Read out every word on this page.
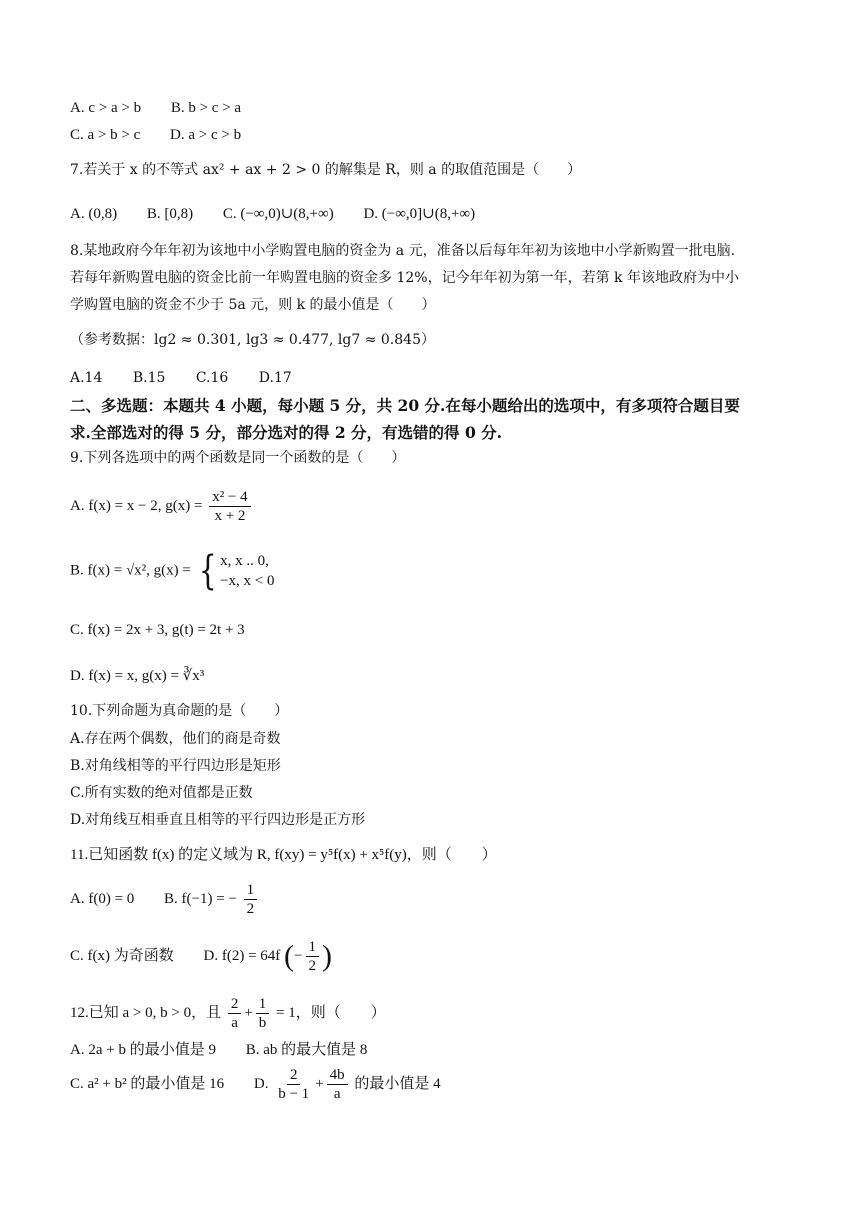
A. c > a > b B. b > c > a
C. a > b > c D. a > c > b
7.若关于 x 的不等式 ax² + ax + 2 > 0 的解集是 R，则 a 的取值范围是（　　）
A. (0,8) B. [0,8) C. (−∞,0)∪(8,+∞) D. (−∞,0]∪(8,+∞)
8.某地政府今年年初为该地中小学购置电脑的资金为 a 元，准备以后每年年初为该地中小学新购置一批电脑.
若每年新购置电脑的资金比前一年购置电脑的资金多 12%，记今年年初为第一年，若第 k 年该地政府为中小
学购置电脑的资金不少于 5a 元，则 k 的最小值是（　　）
（参考数据：lg2 ≈ 0.301, lg3 ≈ 0.477, lg7 ≈ 0.845）
A.14 B.15 C.16 D.17
二、多选题：本题共 4 小题，每小题 5 分，共 20 分.在每小题给出的选项中，有多项符合题目要
求.全部选对的得 5 分，部分选对的得 2 分，有选错的得 0 分.
9.下列各选项中的两个函数是同一个函数的是（　　）
A. f(x) = x − 2, $g(x) = \frac{\text{x² − 4}}{x + 2}$
B. f(x) = √x², g(x) = { x, x .. 0,
−x, x < 0
C. f(x) = 2x + 3, g(t) = 2t + 3
D. f(x) = x, g(x) = ∛x³
10.下列命题为真命题的是（　　）
A.存在两个偶数，他们的商是奇数
B.对角线相等的平行四边形是矩形
C.所有实数的绝对值都是正数
D.对角线互相垂直且相等的平行四边形是正方形
11.已知函数 f(x) 的定义域为 R, f(xy) = y⁵f(x) + x⁵f(y)，则（　　）
A. f(0) = 0 B. f(−1) = − $\frac{1}{2}$
C. f(x) 为奇函数 D. f(2) = 64f (− $\frac{1}{2}$ )
12.已知 a > 0, b > 0，且 $\frac{2}{a} + \frac{1}{b} = 1$，则（　　）
A. 2a + b 的最小值是 9 B. ab 的最大值是 8
C. a² + b² 的最小值是 16 D. $\frac{2}{b - 1} + \frac{4b}{a}$ 的最小值是 4
